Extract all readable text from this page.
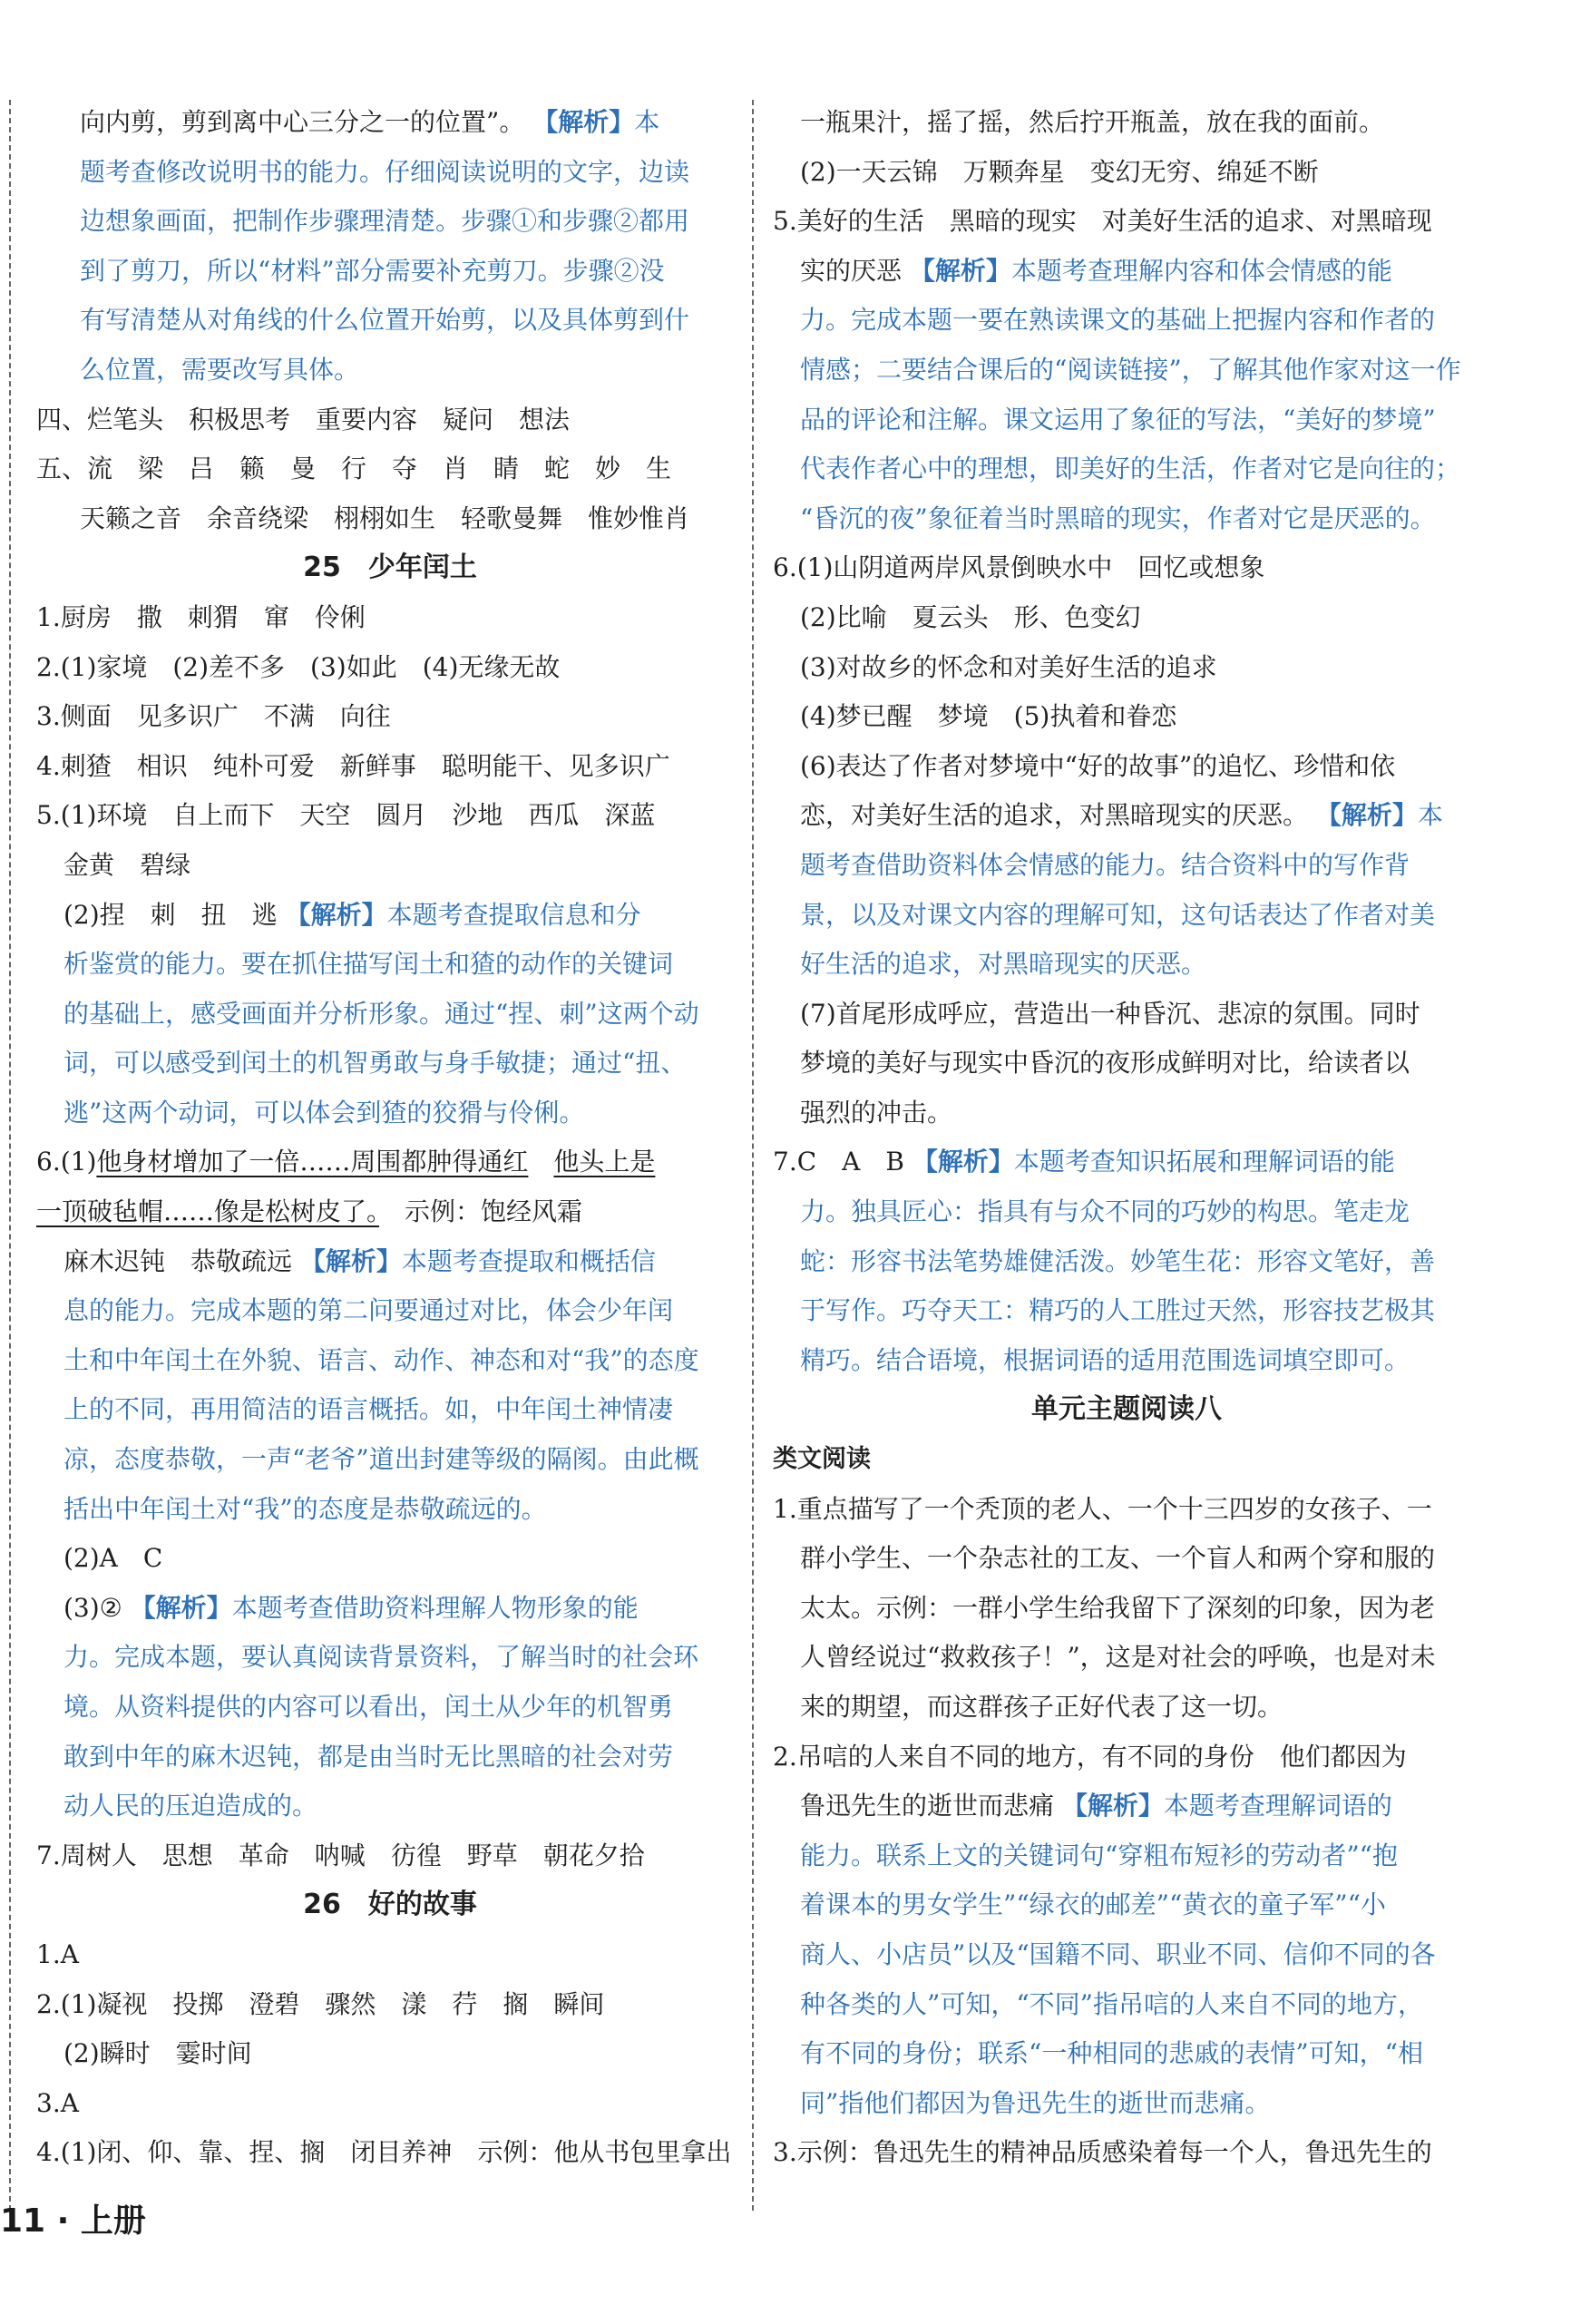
向内剪，剪到离中心三分之一的位置”。 【解析】本
题考查修改说明书的能力。仔细阅读说明的文字，边读
边想象画面，把制作步骤理清楚。步骤①和步骤②都用
到了剪刀，所以“材料”部分需要补充剪刀。步骤②没
有写清楚从对角线的什么位置开始剪，以及具体剪到什
么位置，需要改写具体。
四、烂笔头　积极思考　重要内容　疑问　想法
五、流　梁　吕　籁　曼　行　夺　肖　睛　蛇　妙　生
天籁之音　余音绕梁　栩栩如生　轻歌曼舞　惟妙惟肖
25　少年闰土
1.厨房　撒　刺猬　窜　伶俐
2.(1)家境　(2)差不多　(3)如此　(4)无缘无故
3.侧面　见多识广　不满　向往
4.刺猹　相识　纯朴可爱　新鲜事　聪明能干、见多识广
5.(1)环境　自上而下　天空　圆月　沙地　西瓜　深蓝
金黄　碧绿
(2)捏　刺　扭　逃 【解析】本题考查提取信息和分
析鉴赏的能力。要在抓住描写闰土和猹的动作的关键词
的基础上，感受画面并分析形象。通过“捏、刺”这两个动
词，可以感受到闰土的机智勇敢与身手敏捷；通过“扭、
逃”这两个动词，可以体会到猹的狡猾与伶俐。
6.(1)他身材增加了一倍……周围都肿得通红　 他头上是
一顶破毡帽……像是松树皮了。　示例：饱经风霜
麻木迟钝　恭敬疏远 【解析】本题考查提取和概括信
息的能力。完成本题的第二问要通过对比，体会少年闰
土和中年闰土在外貌、语言、动作、神态和对“我”的态度
上的不同，再用简洁的语言概括。如，中年闰土神情凄
凉，态度恭敬，一声“老爷”道出封建等级的隔阂。由此概
括出中年闰土对“我”的态度是恭敬疏远的。
(2)A　C
(3)② 【解析】本题考查借助资料理解人物形象的能
力。完成本题，要认真阅读背景资料，了解当时的社会环
境。从资料提供的内容可以看出，闰土从少年的机智勇
敢到中年的麻木迟钝，都是由当时无比黑暗的社会对劳
动人民的压迫造成的。
7.周树人　思想　革命　呐喊　彷徨　野草　朝花夕拾
26　好的故事
1.A
2.(1)凝视　投掷　澄碧　骤然　漾　荇　搁　瞬间
(2)瞬时　霎时间
3.A
4.(1)闭、仰、靠、捏、搁　闭目养神　示例：他从书包里拿出
一瓶果汁，摇了摇，然后拧开瓶盖，放在我的面前。
(2)一天云锦　万颗奔星　变幻无穷、绵延不断
5.美好的生活　黑暗的现实　对美好生活的追求、对黑暗现
实的厌恶 【解析】本题考查理解内容和体会情感的能
力。完成本题一要在熟读课文的基础上把握内容和作者的
情感；二要结合课后的“阅读链接”，了解其他作家对这一作
品的评论和注解。课文运用了象征的写法，“美好的梦境”
代表作者心中的理想，即美好的生活，作者对它是向往的；
“昏沉的夜”象征着当时黑暗的现实，作者对它是厌恶的。
6.(1)山阴道两岸风景倒映水中　回忆或想象
(2)比喻　夏云头　形、色变幻
(3)对故乡的怀念和对美好生活的追求
(4)梦已醒　梦境　(5)执着和眷恋
(6)表达了作者对梦境中“好的故事”的追忆、珍惜和依
恋，对美好生活的追求，对黑暗现实的厌恶。 【解析】本
题考查借助资料体会情感的能力。结合资料中的写作背
景，以及对课文内容的理解可知，这句话表达了作者对美
好生活的追求，对黑暗现实的厌恶。
(7)首尾形成呼应，营造出一种昏沉、悲凉的氛围。同时
梦境的美好与现实中昏沉的夜形成鲜明对比，给读者以
强烈的冲击。
7.C　A　B 【解析】本题考查知识拓展和理解词语的能
力。独具匠心：指具有与众不同的巧妙的构思。笔走龙
蛇：形容书法笔势雄健活泼。妙笔生花：形容文笔好，善
于写作。巧夺天工：精巧的人工胜过天然，形容技艺极其
精巧。结合语境，根据词语的适用范围选词填空即可。
单元主题阅读八
类文阅读
1.重点描写了一个秃顶的老人、一个十三四岁的女孩子、一
群小学生、一个杂志社的工友、一个盲人和两个穿和服的
太太。示例：一群小学生给我留下了深刻的印象，因为老
人曾经说过“救救孩子！”，这是对社会的呼唤，也是对未
来的期望，而这群孩子正好代表了这一切。
2.吊唁的人来自不同的地方，有不同的身份　他们都因为
鲁迅先生的逝世而悲痛 【解析】本题考查理解词语的
能力。联系上文的关键词句“穿粗布短衫的劳动者”“抱
着课本的男女学生”“绿衣的邮差”“黄衣的童子军”“小
商人、小店员”以及“国籍不同、职业不同、信仰不同的各
种各类的人”可知，“不同”指吊唁的人来自不同的地方，
有不同的身份；联系“一种相同的悲戚的表情”可知，“相
同”指他们都因为鲁迅先生的逝世而悲痛。
3.示例：鲁迅先生的精神品质感染着每一个人，鲁迅先生的
11 · 上册
